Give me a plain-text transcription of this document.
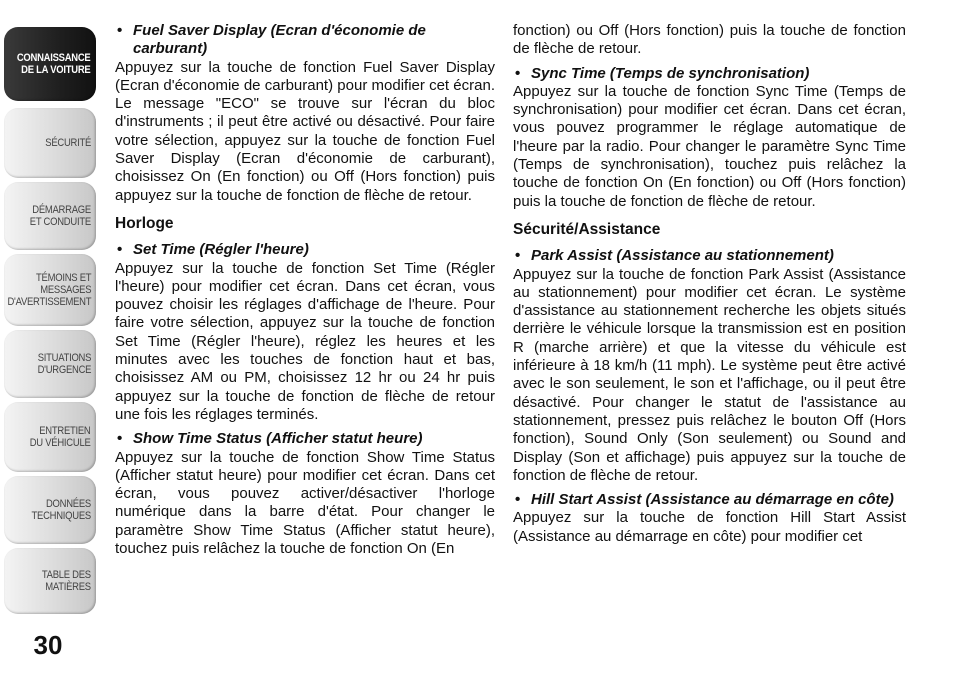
CONNAISSANCE
DE LA VOITURE
SÉCURITÉ
DÉMARRAGE
ET CONDUITE
TÉMOINS ET
MESSAGES
D'AVERTISSEMENT
SITUATIONS
D'URGENCE
ENTRETIEN
DU VÉHICULE
DONNÉES
TECHNIQUES
TABLE DES
MATIÈRES
30
• Fuel Saver Display (Ecran d'économie de carburant)

Appuyez sur la touche de fonction Fuel Saver Display (Ecran d'économie de carburant) pour modifier cet écran. Le message "ECO" se trouve sur l'écran du bloc d'instruments ; il peut être activé ou désactivé. Pour faire votre sélection, appuyez sur la touche de fonction Fuel Saver Display (Ecran d'économie de carburant), choisissez On (En fonction) ou Off (Hors fonction) puis appuyez sur la touche de fonction de flèche de retour.

Horloge
• Set Time (Régler l'heure)

Appuyez sur la touche de fonction Set Time (Régler l'heure) pour modifier cet écran. Dans cet écran, vous pouvez choisir les réglages d'affichage de l'heure. Pour faire votre sélection, appuyez sur la touche de fonction Set Time (Régler l'heure), réglez les heures et les minutes avec les touches de fonction haut et bas, choisissez AM ou PM, choisissez 12 hr ou 24 hr puis appuyez sur la touche de fonction de flèche de retour une fois les réglages terminés.

• Show Time Status (Afficher statut heure)

Appuyez sur la touche de fonction Show Time Status (Afficher statut heure) pour modifier cet écran. Dans cet écran, vous pouvez activer/désactiver l'horloge numérique dans la barre d'état. Pour changer le paramètre Show Time Status (Afficher statut heure), touchez puis relâchez la touche de fonction On (En

fonction) ou Off (Hors fonction) puis la touche de fonction de flèche de retour.

• Sync Time (Temps de synchronisation)

Appuyez sur la touche de fonction Sync Time (Temps de synchronisation) pour modifier cet écran. Dans cet écran, vous pouvez programmer le réglage automatique de l'heure par la radio. Pour changer le paramètre Sync Time (Temps de synchronisation), touchez puis relâchez la touche de fonction On (En fonction) ou Off (Hors fonction) puis la touche de fonction de flèche de retour.

Sécurité/Assistance
• Park Assist (Assistance au stationnement)

Appuyez sur la touche de fonction Park Assist (Assistance au stationnement) pour modifier cet écran. Le système d'assistance au stationnement recherche les objets situés derrière le véhicule lorsque la transmission est en position R (marche arrière) et que la vitesse du véhicule est inférieure à 18 km/h (11 mph). Le système peut être activé avec le son seulement, le son et l'affichage, ou il peut être désactivé. Pour changer le statut de l'assistance au stationnement, pressez puis relâchez le bouton Off (Hors fonction), Sound Only (Son seulement) ou Sound and Display (Son et affichage) puis appuyez sur la touche de fonction de flèche de retour.

• Hill Start Assist (Assistance au démarrage en côte)

Appuyez sur la touche de fonction Hill Start Assist (Assistance au démarrage en côte) pour modifier cet
